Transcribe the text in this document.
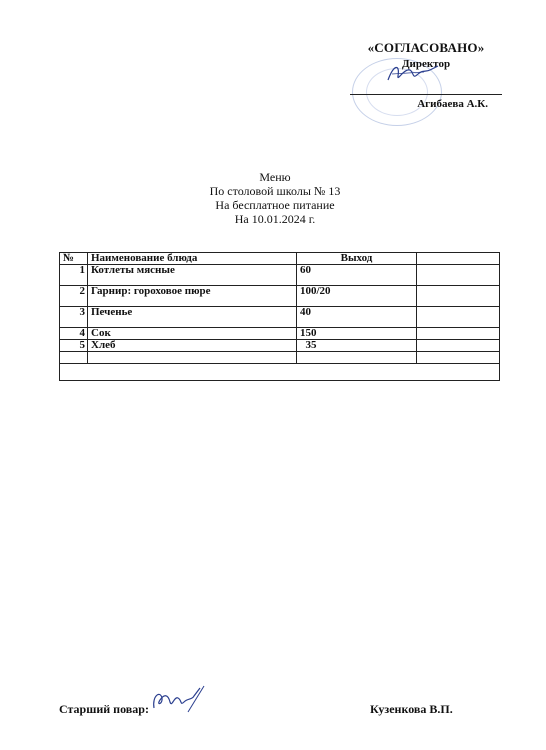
«СОГЛАСОВАНО»
Директор
Агибаева А.К.
Меню
По столовой школы № 13
На бесплатное питание
На 10.01.2024 г.
№	Наименование блюда	Выход	
1	Котлеты мясные	60	
2	Гарнир: гороховое пюре	100/20	
3	Печенье	40	
4	Сок	150	
5	Хлеб	35	

Старший повар:	Кузенкова В.П.
